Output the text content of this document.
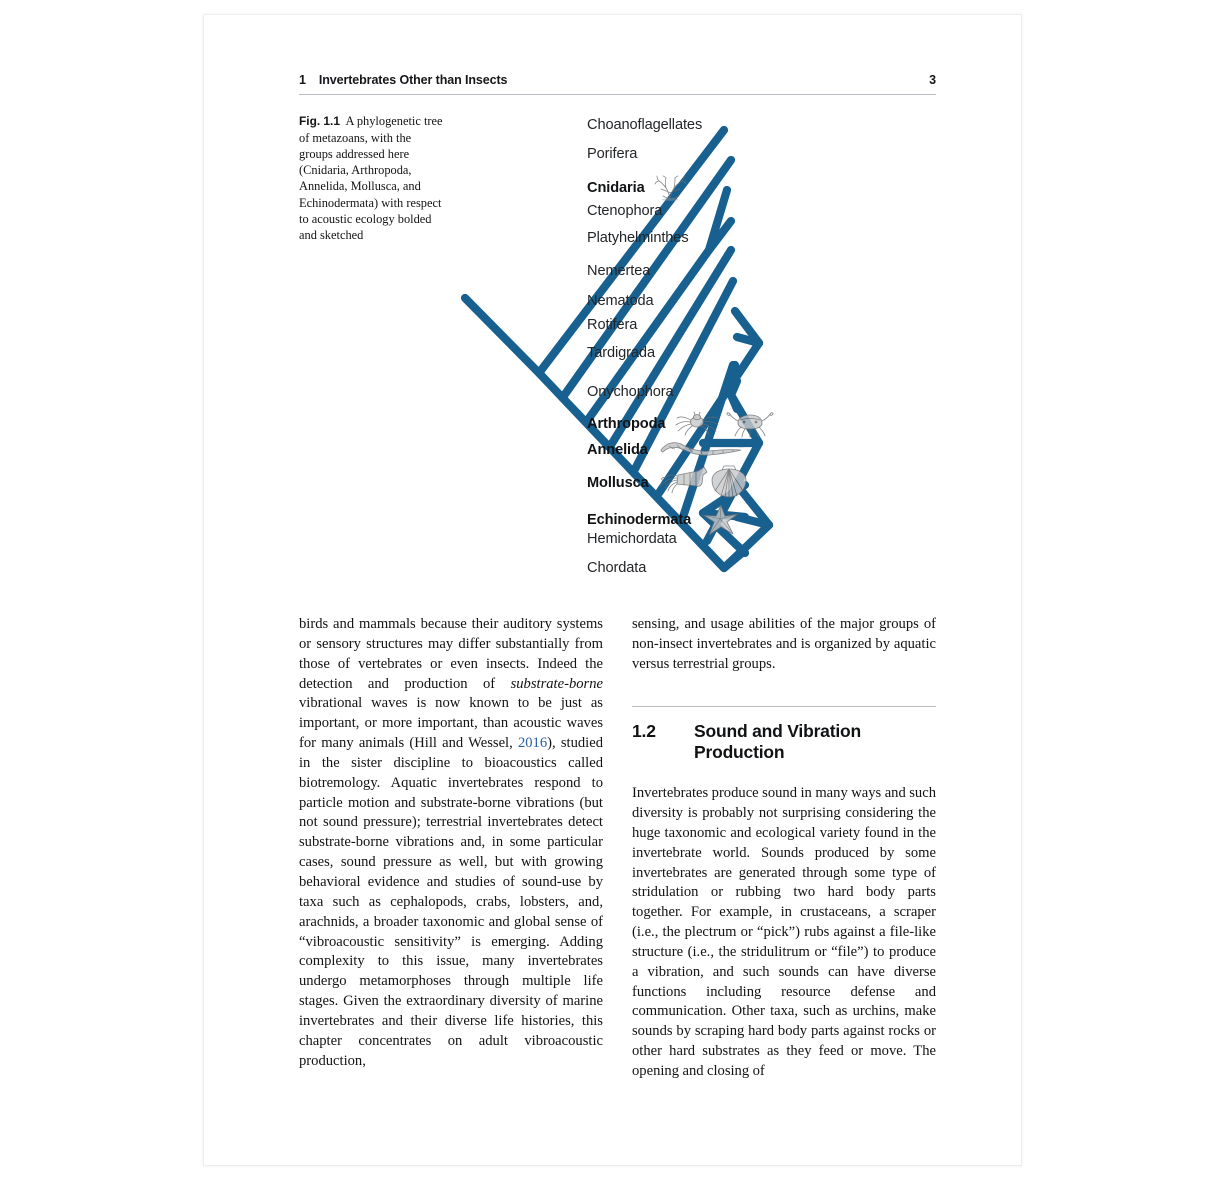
1 Invertebrates Other than Insects	3
Fig. 1.1 A phylogenetic tree of metazoans, with the groups addressed here (Cnidaria, Arthropoda, Annelida, Mollusca, and Echinodermata) with respect to acoustic ecology bolded and sketched
Choanoflagellates
Porifera
Cnidaria
Ctenophora
Platyhelminthes
Nemertea
Nematoda
Rotifera
Tardigrada
Onychophora
Arthropoda
Annelida
Mollusca
Echinodermata
Hemichordata
Chordata

birds and mammals because their auditory systems or sensory structures may differ substantially from those of vertebrates or even insects. Indeed the detection and production of substrate-borne vibrational waves is now known to be just as important, or more important, than acoustic waves for many animals (Hill and Wessel, 2016), studied in the sister discipline to bioacoustics called biotremology. Aquatic invertebrates respond to particle motion and substrate-borne vibrations (but not sound pressure); terrestrial invertebrates detect substrate-borne vibrations and, in some particular cases, sound pressure as well, but with growing behavioral evidence and studies of sound-use by taxa such as cephalopods, crabs, lobsters, and, arachnids, a broader taxonomic and global sense of “vibroacoustic sensitivity” is emerging. Adding complexity to this issue, many invertebrates undergo metamorphoses through multiple life stages. Given the extraordinary diversity of marine invertebrates and their diverse life histories, this chapter concentrates on adult vibroacoustic production,

sensing, and usage abilities of the major groups of non-insect invertebrates and is organized by aquatic versus terrestrial groups.

1.2	Sound and Vibration Production

Invertebrates produce sound in many ways and such diversity is probably not surprising considering the huge taxonomic and ecological variety found in the invertebrate world. Sounds produced by some invertebrates are generated through some type of stridulation or rubbing two hard body parts together. For example, in crustaceans, a scraper (i.e., the plectrum or “pick”) rubs against a file-like structure (i.e., the stridulitrum or “file”) to produce a vibration, and such sounds can have diverse functions including resource defense and communication. Other taxa, such as urchins, make sounds by scraping hard body parts against rocks or other hard substrates as they feed or move. The opening and closing of
